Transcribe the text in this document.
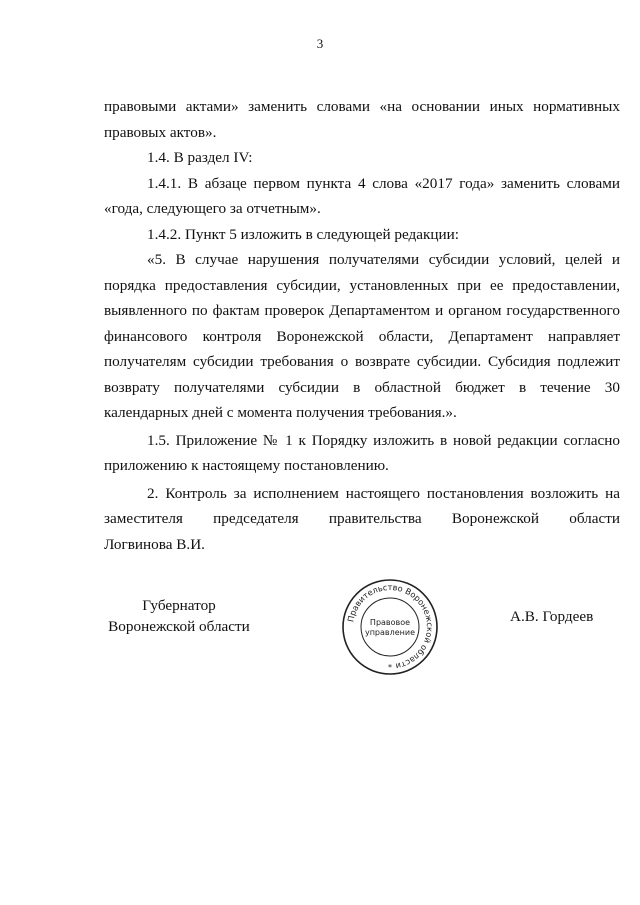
3

правовыми актами» заменить словами «на основании иных нормативных

правовых актов».

1.4. В раздел IV:

1.4.1. В абзаце первом пункта 4 слова «2017 года» заменить словами

«года, следующего за отчетным».

1.4.2. Пункт 5 изложить в следующей редакции:

«5. В случае нарушения получателями субсидии условий, целей и порядка предоставления субсидии, установленных при ее предоставлении, выявленного по фактам проверок Департаментом и органом государственного финансового контроля Воронежской области, Департамент направляет получателям субсидии требования о возврате субсидии. Субсидия подлежит возврату получателями субсидии в областной бюджет в течение 30 календарных дней с момента получения требования.».

1.5. Приложение № 1 к Порядку изложить в новой редакции согласно приложению к настоящему постановлению.

2. Контроль за исполнением настоящего постановления возложить на заместителя председателя правительства Воронежской области

Логвинова В.И.

Губернатор
Воронежской области	Правительство Воронежской области
Правовое
управление
*
А.В. Гордеев
